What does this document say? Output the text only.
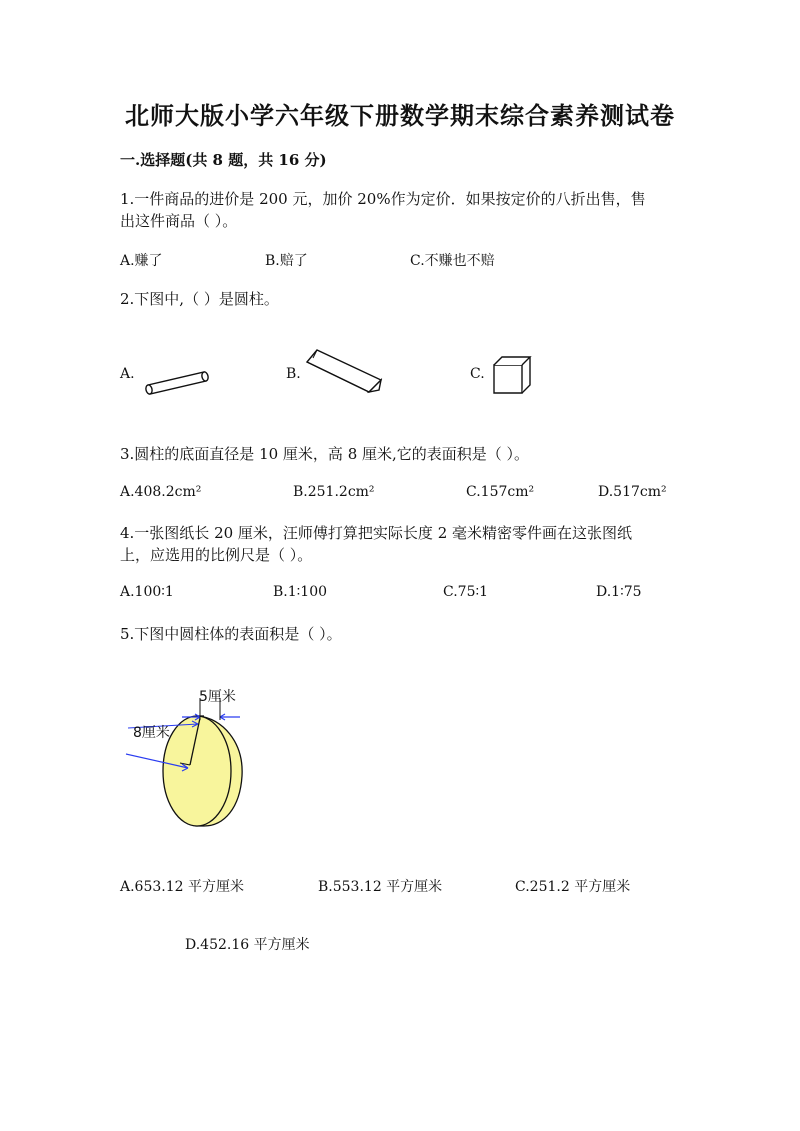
北师大版小学六年级下册数学期末综合素养测试卷
一.选择题(共 8 题，共 16 分)
1.一件商品的进价是 200 元，加价 20%作为定价．如果按定价的八折出售，售
出这件商品（ ）。
A.赚了	B.赔了	C.不赚也不赔
2.下图中,（ ）是圆柱。
A.	B.	C.
3.圆柱的底面直径是 10 厘米，高 8 厘米,它的表面积是（ ）。
A.408.2cm²	B.251.2cm²	C.157cm²	D.517cm²
4.一张图纸长 20 厘米，汪师傅打算把实际长度 2 毫米精密零件画在这张图纸
上，应选用的比例尺是（ ）。
A.100∶1	B.1∶100	C.75∶1	D.1∶75
5.下图中圆柱体的表面积是（ ）。
5厘米
8厘米
A.653.12 平方厘米	B.553.12 平方厘米	C.251.2 平方厘米
D.452.16 平方厘米
